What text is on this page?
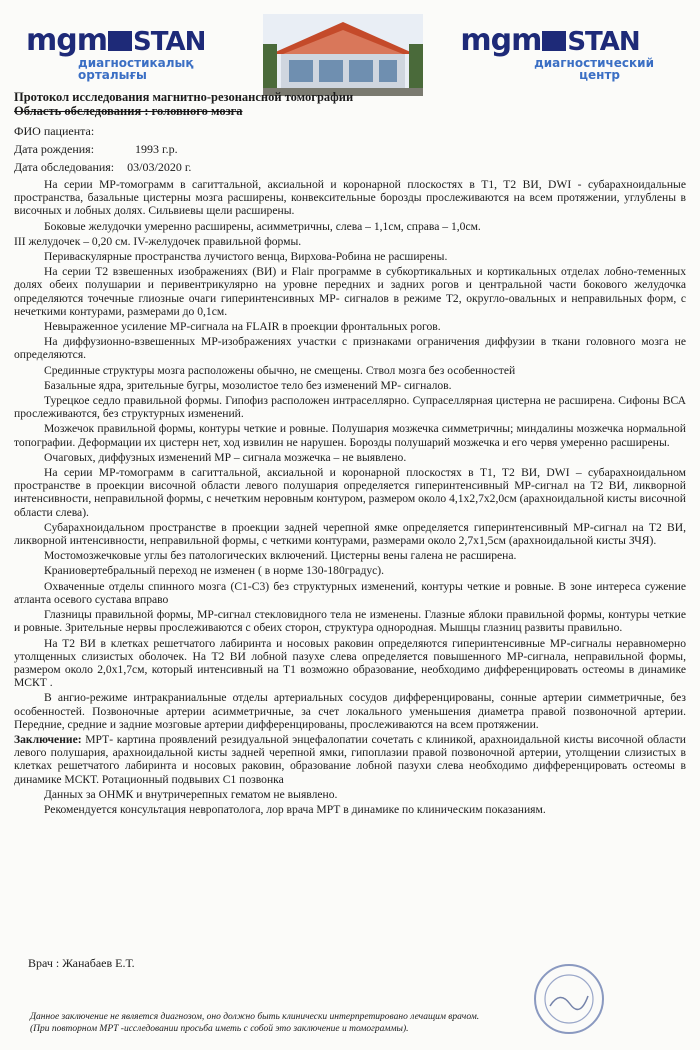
mgm STAN
диагностикалық
орталығы
mgm STAN
диагностический
центр
Протокол исследования магнитно-резонансной томографии
Область обследования : головного мозга
ФИО пациента:
Дата рождения:	1993 г.р.
Дата обследования: 03/03/2020 г.

На серии МР-томограмм в сагиттальной, аксиальной и коронарной плоскостях в T1, T2 ВИ, DWI - субарахноидальные пространства, базальные цистерны мозга расширены, конвексительные борозды прослеживаются на всем протяжении, углублены в височных и лобных долях. Сильвиевы щели расширены.

Боковые желудочки умеренно расширены, асимметричны, слева – 1,1см, справа – 1,0см.

III желудочек – 0,20 см. IV-желудочек правильной формы.

Периваскулярные пространства лучистого венца, Вирхова-Робина не расширены.

На серии T2 взвешенных изображениях (ВИ) и Flair программе в субкортикальных и кортикальных отделах лобно-теменных долях обеих полушарии и перивентрикулярно на уровне передних и задних рогов и центральной части бокового желудочка определяются точечные глиозные очаги гиперинтенсивных МР- сигналов в режиме T2, округло-овальных и неправильных форм, с нечеткими контурами, размерами до 0,1см.

Невыраженное усиление МР-сигнала на FLAIR в проекции фронтальных рогов.

На диффузионно-взвешенных МР-изображениях участки с признаками ограничения диффузии в ткани головного мозга не определяются.

Срединные структуры мозга расположены обычно, не смещены. Ствол мозга без особенностей

Базальные ядра, зрительные бугры, мозолистое тело без изменений МР- сигналов.

Турецкое седло правильной формы. Гипофиз расположен интраселлярно. Супраселлярная цистерна не расширена. Сифоны ВСА прослеживаются, без структурных изменений.

Мозжечок правильной формы, контуры четкие и ровные. Полушария мозжечка симметричны; миндалины мозжечка нормальной топографии. Деформации их цистерн нет, ход извилин не нарушен. Борозды полушарий мозжечка и его червя умеренно расширены.

Очаговых, диффузных изменений МР – сигнала мозжечка – не выявлено.

На серии МР-томограмм в сагиттальной, аксиальной и коронарной плоскостях в T1, T2 ВИ, DWI – субарахноидальном пространстве в проекции височной области левого полушария определяется гиперинтенсивный МР-сигнал на T2 ВИ, ликворной интенсивности, неправильной формы, с нечетким неровным контуром, размером около 4,1х2,7х2,0см (арахноидальной кисты височной области слева).

Субарахноидальном пространстве в проекции задней черепной ямке определяется гиперинтенсивный МР-сигнал на T2 ВИ, ликворной интенсивности, неправильной формы, с четкими контурами, размерами около 2,7х1,5см (арахноидальной кисты ЗЧЯ).

Мостомозжечковые углы без патологических включений. Цистерны вены галена не расширена.

Краниовертебральный переход не изменен ( в норме 130-180градус).

Охваченные отделы спинного мозга (С1-С3) без структурных изменений, контуры четкие и ровные. В зоне интереса сужение атланта осевого сустава вправо

Глазницы правильной формы, МР-сигнал стекловидного тела не изменены. Глазные яблоки правильной формы, контуры четкие и ровные. Зрительные нервы прослеживаются с обеих сторон, структура однородная. Мышцы глазниц развиты правильно.

На T2 ВИ в клетках решетчатого лабиринта и носовых раковин определяются гиперинтенсивные МР-сигналы неравномерно утолщенных слизистых оболочек. На T2 ВИ лобной пазухе слева определяется повышенного МР-сигнала, неправильной формы, размером около 2,0х1,7см, который интенсивный на T1 возможно образование, необходимо дифференцировать остеомы в динамике МСКТ .

В ангио-режиме интракраниальные отделы артериальных сосудов дифференцированы, сонные артерии симметричные, без особенностей. Позвоночные артерии асимметричные, за счет локального уменьшения диаметра правой позвоночной артерии. Передние, средние и задние мозговые артерии дифференцированы, прослеживаются на всем протяжении.

Заключение: МРТ- картина проявлений резидуальной энцефалопатии сочетать с клиникой, арахноидальной кисты височной области левого полушария, арахноидальной кисты задней черепной ямки, гипоплазии правой позвоночной артерии, утолщении слизистых в клетках решетчатого лабиринта и носовых раковин, образование лобной пазухи слева необходимо дифференцировать остеомы в динамике МСКТ. Ротационный подвывих С1 позвонка

Данных за ОНМК и внутричерепных гематом не выявлено.

Рекомендуется консультация невропатолога, лор врача МРТ в динамике по клиническим показаниям.

Врач : Жанабаев Е.Т.
Данное заключение не является диагнозом, оно должно быть клинически интерпретировано лечащим врачом.
(При повторном МРТ -исследовании просьба иметь с собой это заключение и томограммы).
